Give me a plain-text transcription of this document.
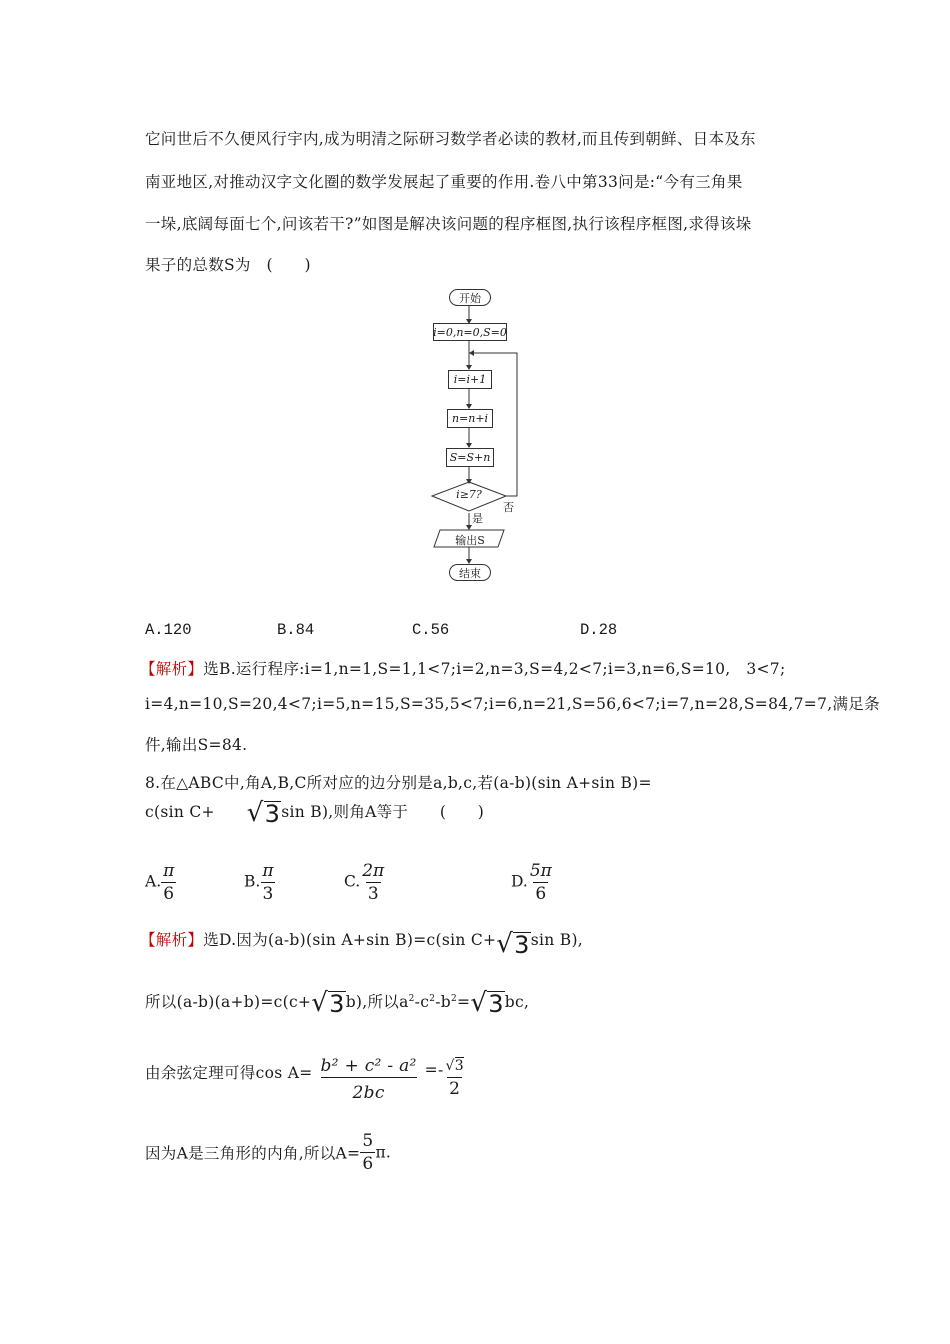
它问世后不久便风行宇内,成为明清之际研习数学者必读的教材,而且传到朝鲜、日本及东
南亚地区,对推动汉字文化圈的数学发展起了重要的作用.卷八中第33问是:“今有三角果
一垛,底阔每面七个,问该若干?”如图是解决该问题的程序框图,执行该程序框图,求得该垛
果子的总数S为　(　　)
开始
i=0,n=0,S=0
i=i+1
n=n+i
S=S+n
i≥7?
否
是
输出S
结束
A.120	B.84	C.56	D.28
【解析】选B.运行程序:i=1,n=1,S=1,1<7;i=2,n=3,S=4,2<7;i=3,n=6,S=10,　3<7;
i=4,n=10,S=20,4<7;i=5,n=15,S=35,5<7;i=6,n=21,S=56,6<7;i=7,n=28,S=84,7=7,满足条
件,输出S=84.
8.在△ABC中,角A,B,C所对应的边分别是a,b,c,若(a-b)(sin A+sin B)=
c(sin C+ √ 3 sin B),则角A等于　　(　　)
A. $\frac{\pi}{6}$	B. $\frac{\pi}{3}$	C. $\frac{2\pi}{3}$	D. $\frac{5\pi}{6}$
【解析】选D.因为(a-b)(sin A+sin B)=c(sin C+ √ 3 sin B),
所以(a-b)(a+b)=c(c+ √ 3 b),所以$a^2-c^2-b^2=$ √ 3 bc,
由余弦定理可得$\cos A= \frac{\text{b² + c² - a²}}{2bc} =- \frac{√3}{2}$
因为A是三角形的内角,所以$A= \frac{5}{6} \pi$.
